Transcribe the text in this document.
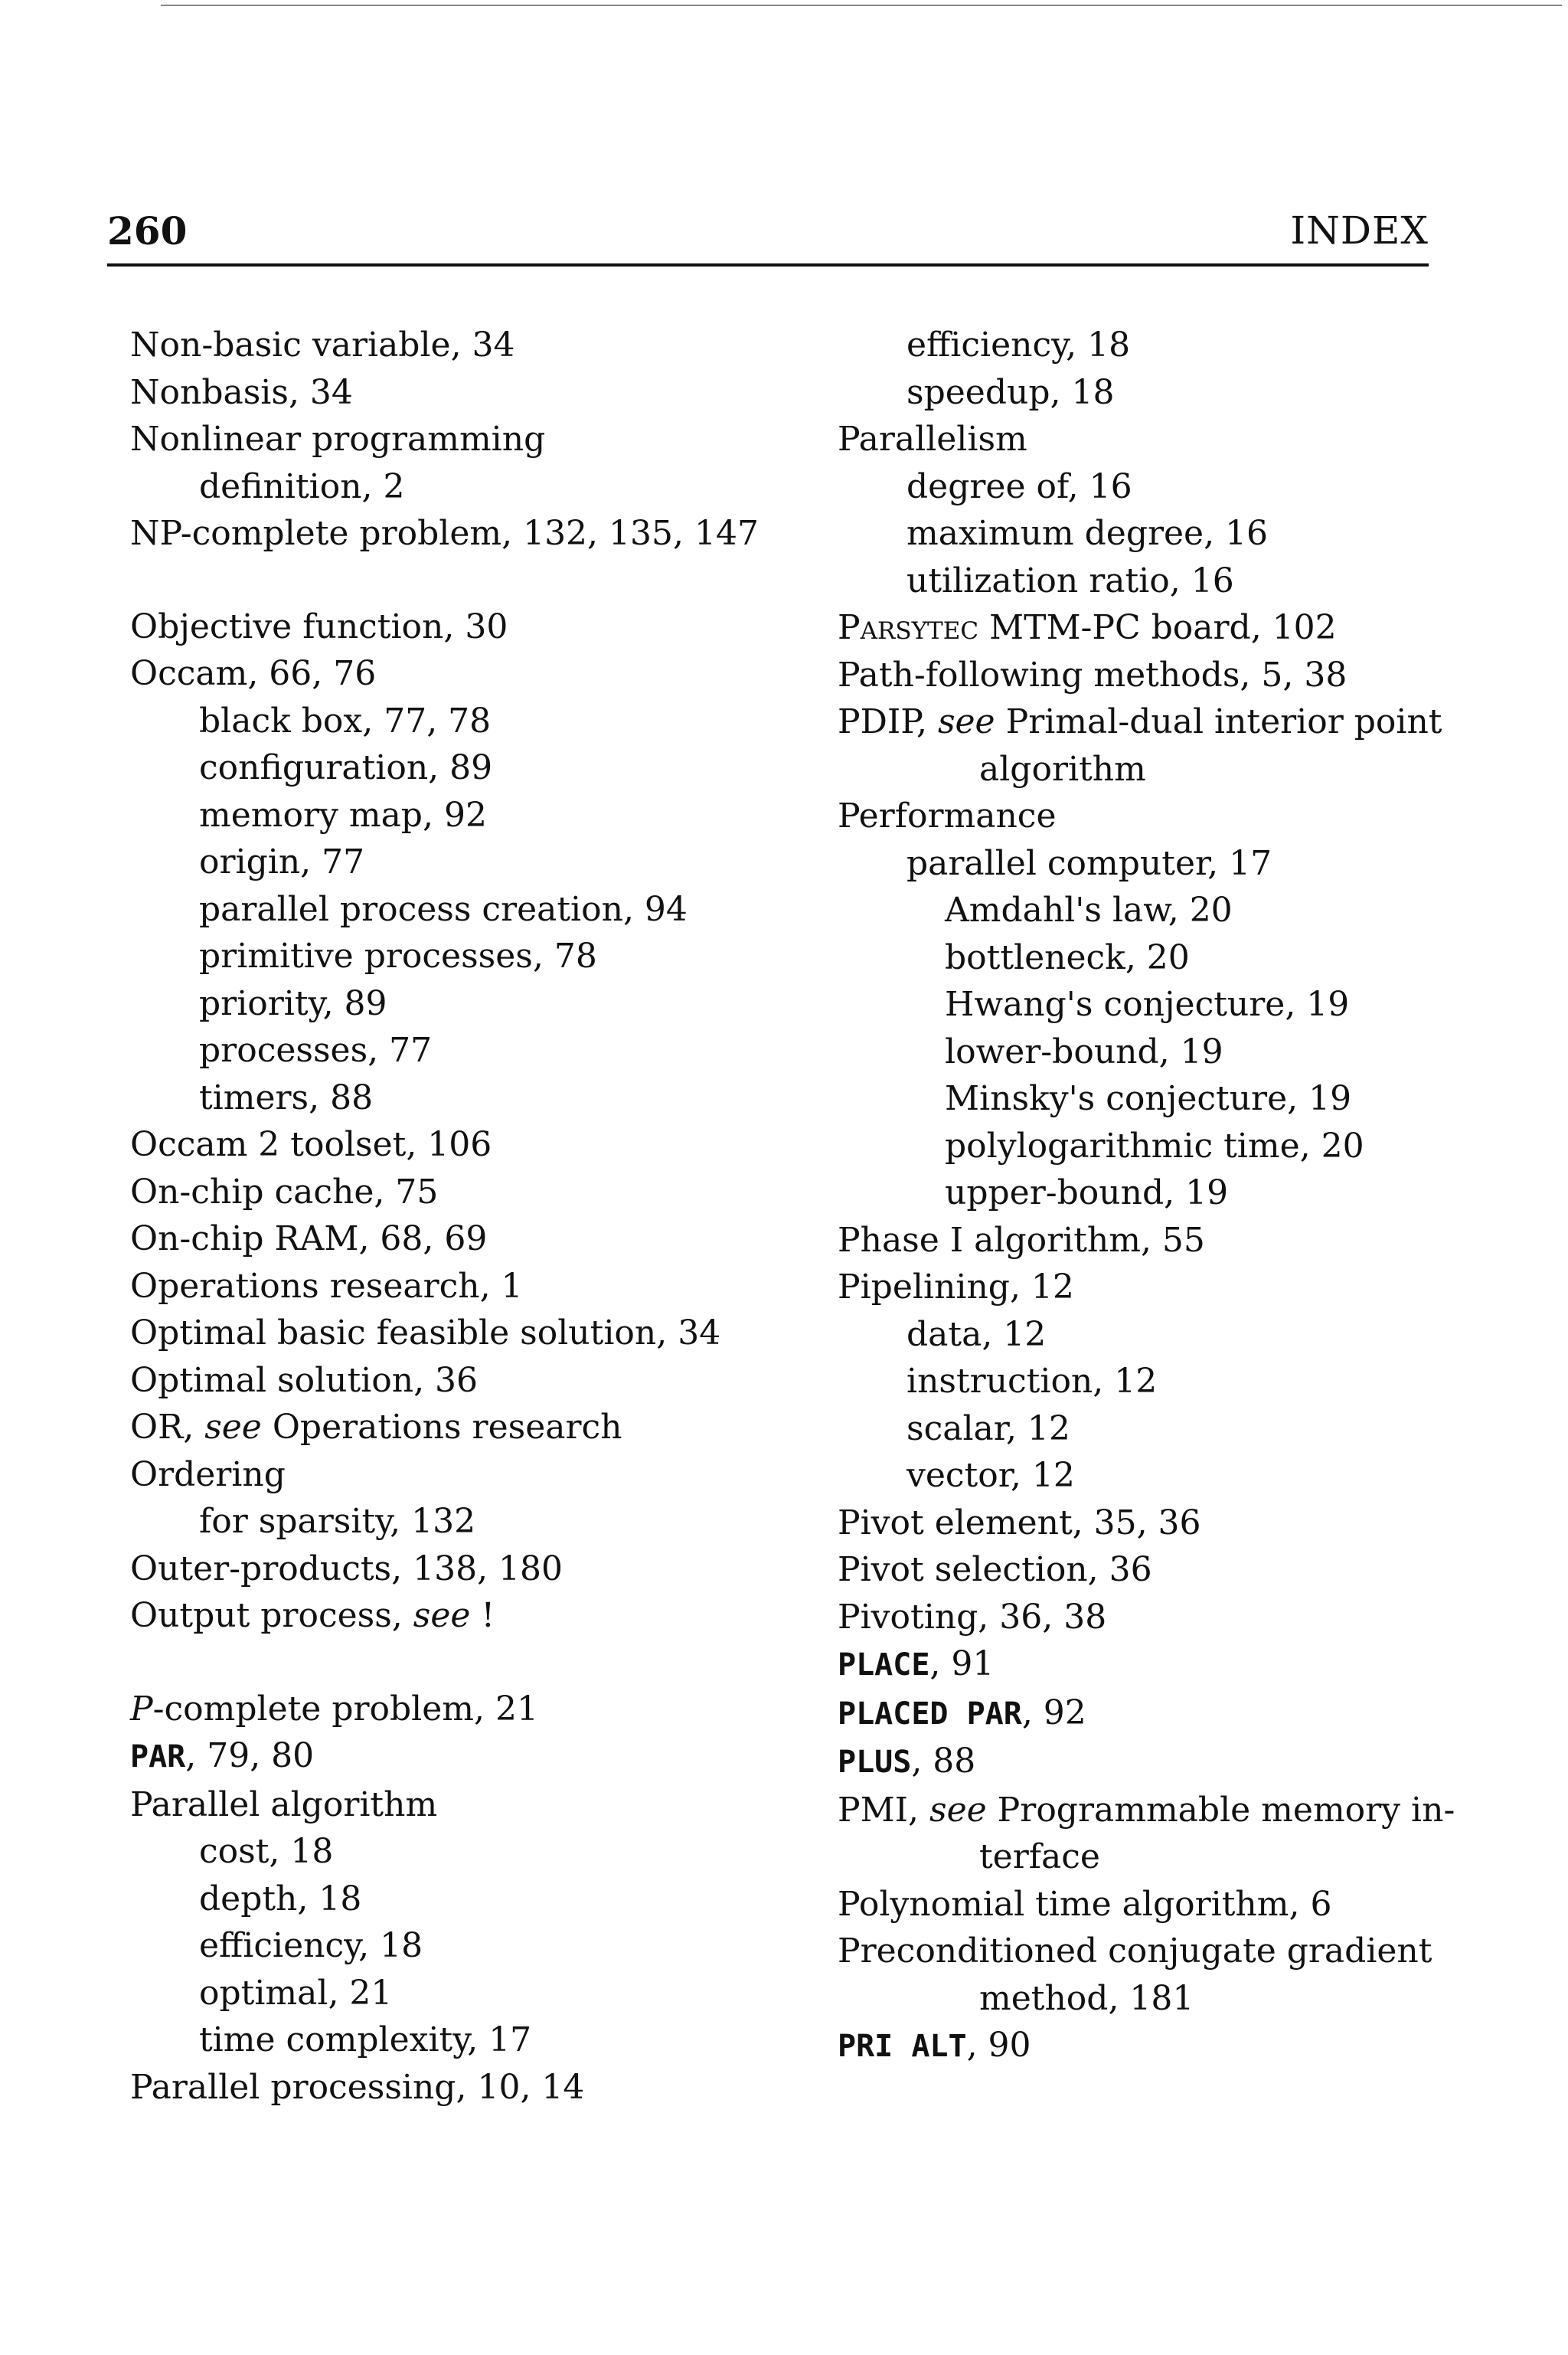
260	INDEX
Non-basic variable, 34
Nonbasis, 34
Nonlinear programming
definition, 2
NP-complete problem, 132, 135, 147
Objective function, 30
Occam, 66, 76
black box, 77, 78
configuration, 89
memory map, 92
origin, 77
parallel process creation, 94
primitive processes, 78
priority, 89
processes, 77
timers, 88
Occam 2 toolset, 106
On-chip cache, 75
On-chip RAM, 68, 69
Operations research, 1
Optimal basic feasible solution, 34
Optimal solution, 36
OR, see Operations research
Ordering
for sparsity, 132
Outer-products, 138, 180
Output process, see !
P-complete problem, 21
PAR, 79, 80
Parallel algorithm
cost, 18
depth, 18
efficiency, 18
optimal, 21
time complexity, 17
Parallel processing, 10, 14
efficiency, 18
speedup, 18
Parallelism
degree of, 16
maximum degree, 16
utilization ratio, 16
Parsytec MTM-PC board, 102
Path-following methods, 5, 38
PDIP, see Primal-dual interior point
algorithm
Performance
parallel computer, 17
Amdahl's law, 20
bottleneck, 20
Hwang's conjecture, 19
lower-bound, 19
Minsky's conjecture, 19
polylogarithmic time, 20
upper-bound, 19
Phase I algorithm, 55
Pipelining, 12
data, 12
instruction, 12
scalar, 12
vector, 12
Pivot element, 35, 36
Pivot selection, 36
Pivoting, 36, 38
PLACE, 91
PLACED PAR, 92
PLUS, 88
PMI, see Programmable memory in-
terface
Polynomial time algorithm, 6
Preconditioned conjugate gradient
method, 181
PRI ALT, 90
